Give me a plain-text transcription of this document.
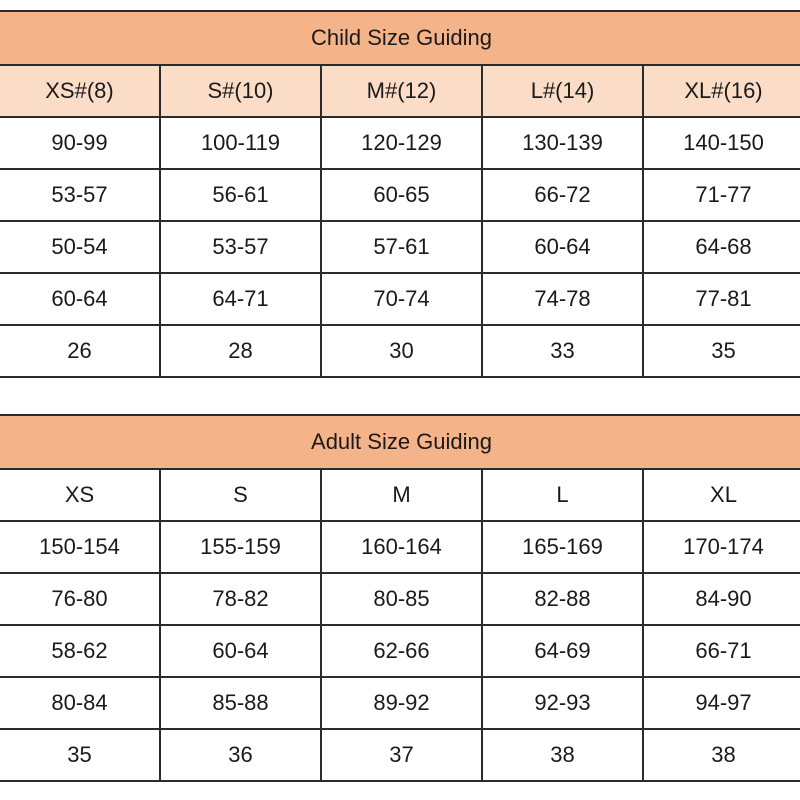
Child Size Guiding				
XS#(8)	S#(10)	M#(12)	L#(14)	XL#(16)
90-99	100-119	120-129	130-139	140-150
53-57	56-61	60-65	66-72	71-77
50-54	53-57	57-61	60-64	64-68
60-64	64-71	70-74	74-78	77-81
26	28	30	33	35
Adult Size Guiding				
XS	S	M	L	XL
150-154	155-159	160-164	165-169	170-174
76-80	78-82	80-85	82-88	84-90
58-62	60-64	62-66	64-69	66-71
80-84	85-88	89-92	92-93	94-97
35	36	37	38	38
